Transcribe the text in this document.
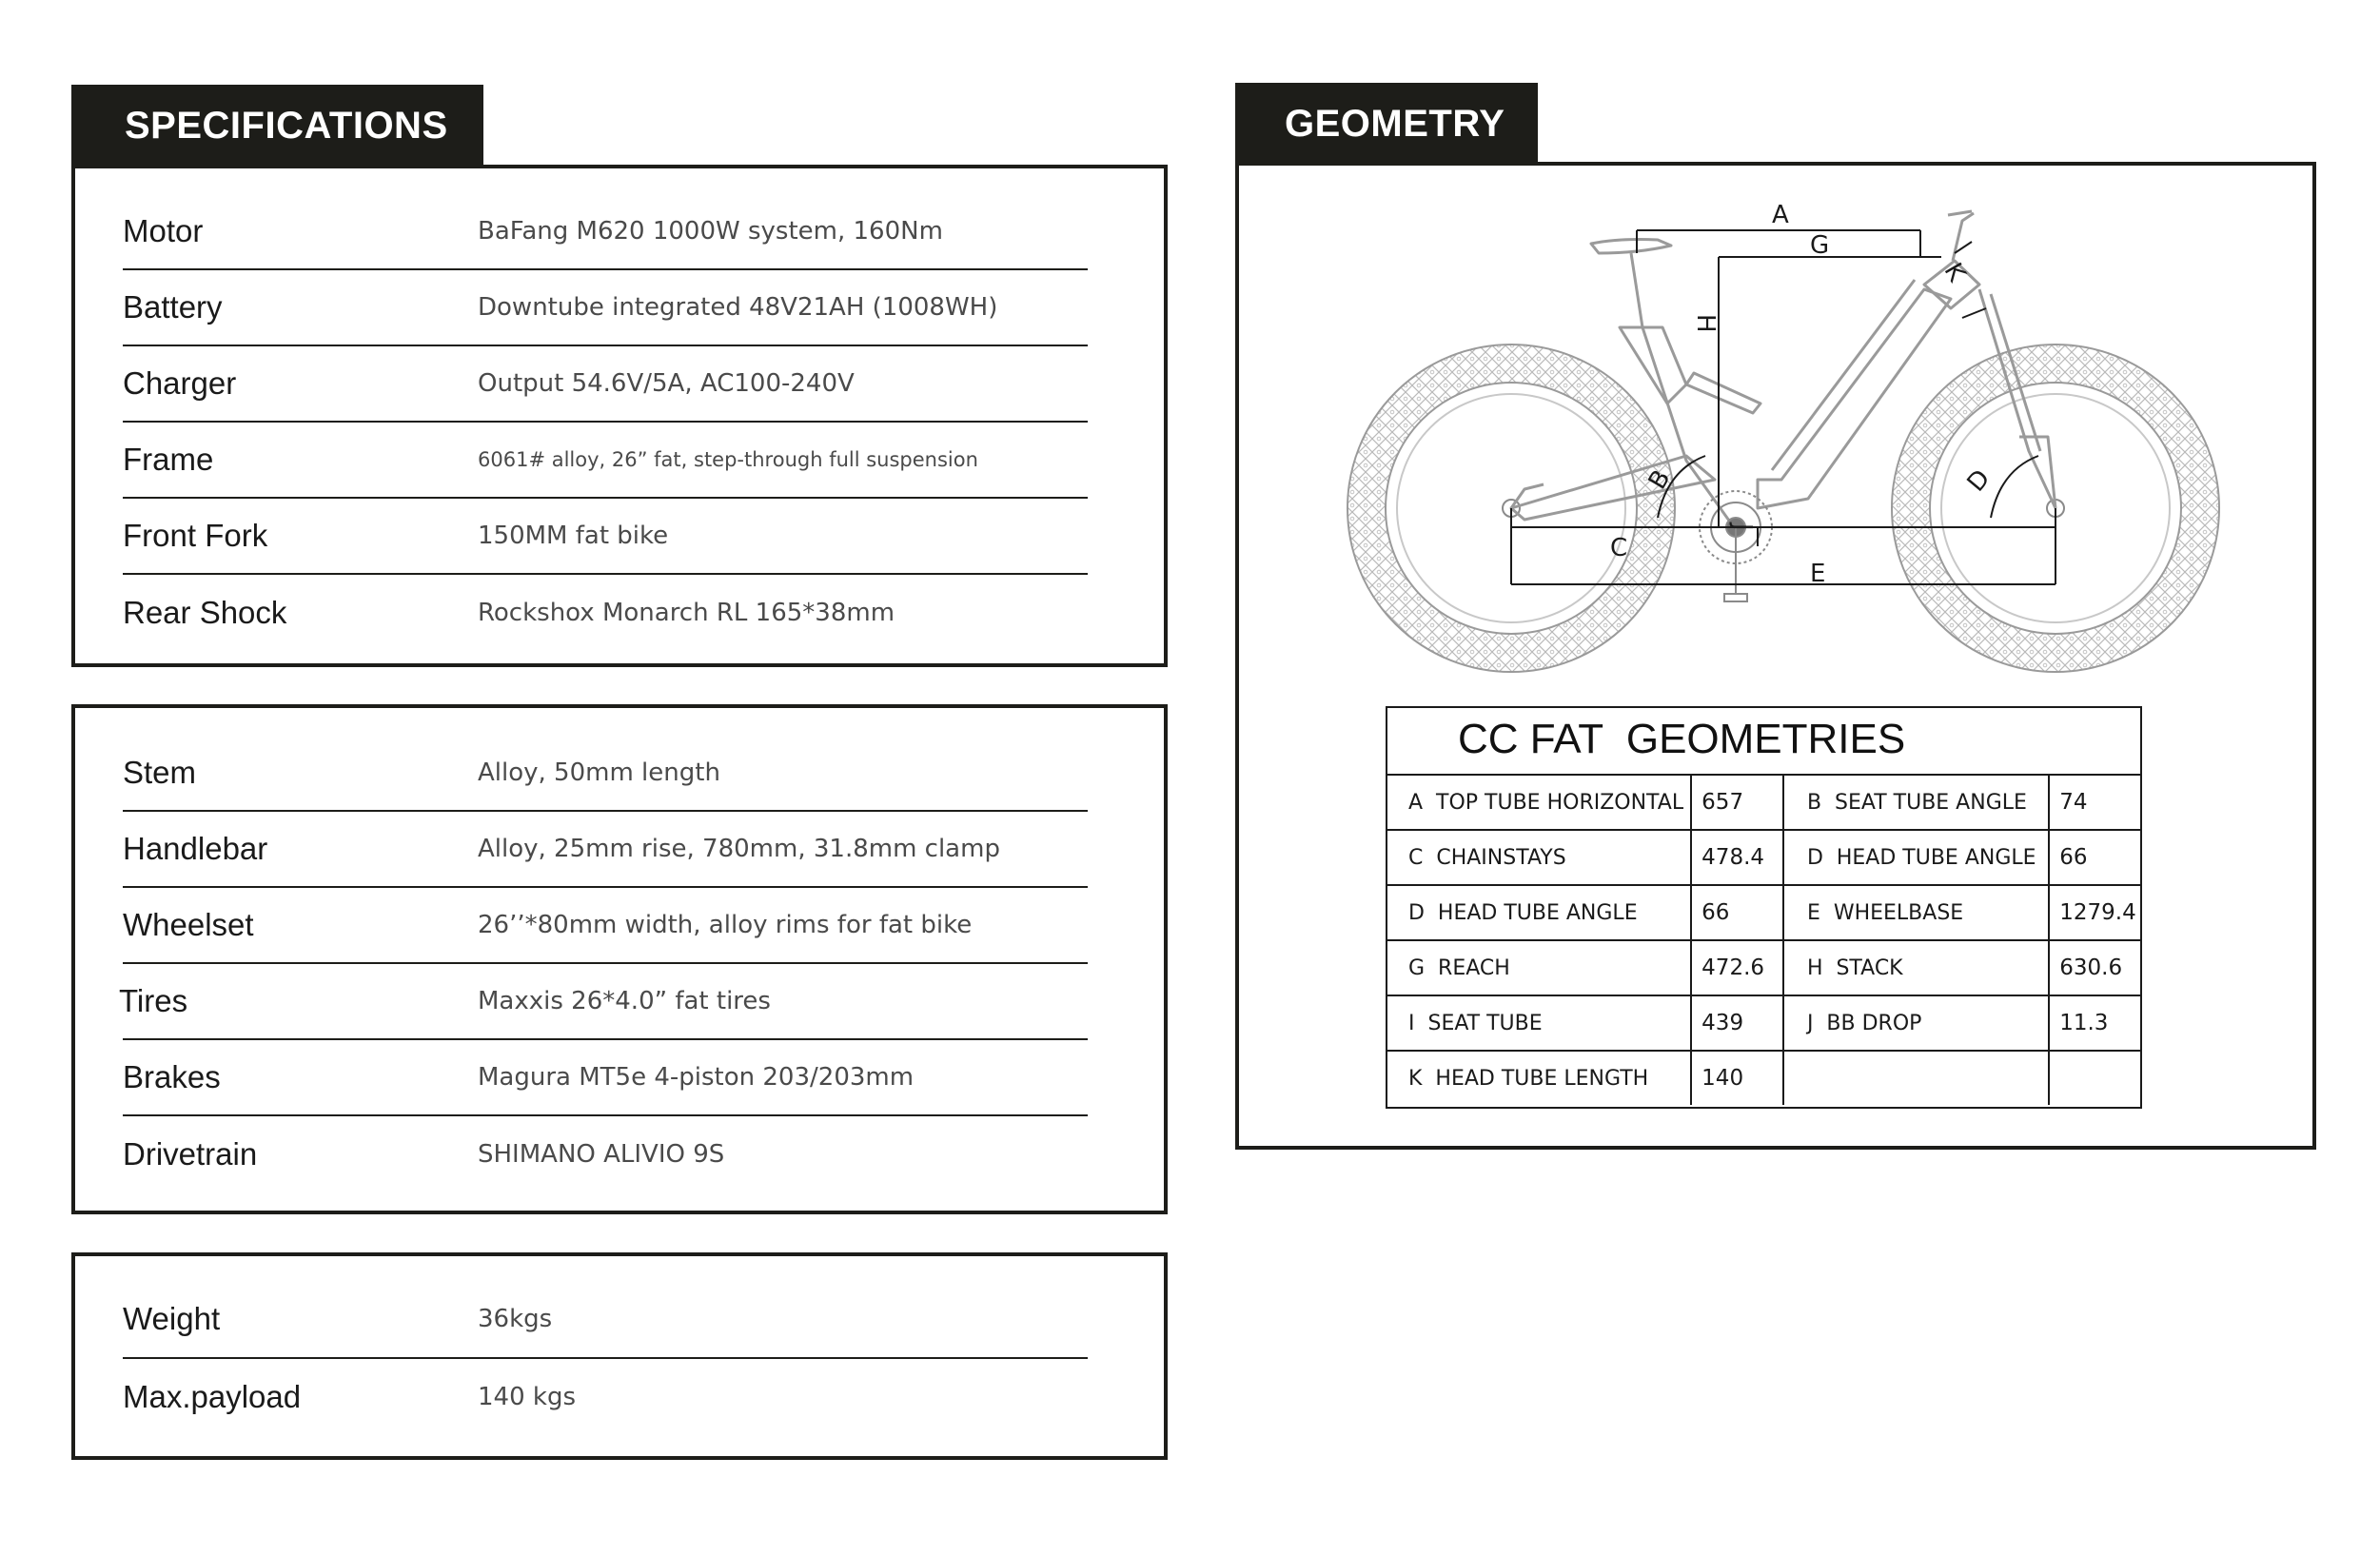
SPECIFICATIONS
Motor	BaFang M620 1000W system, 160Nm
Battery	Downtube integrated 48V21AH (1008WH)
Charger	Output 54.6V/5A, AC100-240V
Frame	6061# alloy, 26” fat, step-through full suspension
Front Fork	150MM fat bike
Rear Shock	Rockshox Monarch RL 165*38mm
Stem	Alloy, 50mm length
Handlebar	Alloy, 25mm rise, 780mm, 31.8mm clamp
Wheelset	26’’*80mm width, alloy rims for fat bike
Tires	Maxxis 26*4.0” fat tires
Brakes	Magura MT5e 4-piston 203/203mm
Drivetrain	SHIMANO ALIVIO 9S
Weight	36kgs
Max.payload	140 kgs
GEOMETRY
A
G
H
K
B	D
C
J
E
CC FAT  GEOMETRIES
A  TOP TUBE HORIZONTAL 657	B  SEAT TUBE ANGLE	74
C  CHAINSTAYS	478.4	D  HEAD TUBE ANGLE	66
D  HEAD TUBE ANGLE	66	E  WHEELBASE	1279.4
G  REACH	472.6	H  STACK	630.6
I  SEAT TUBE	439	J  BB DROP	11.3
K  HEAD TUBE LENGTH	140
